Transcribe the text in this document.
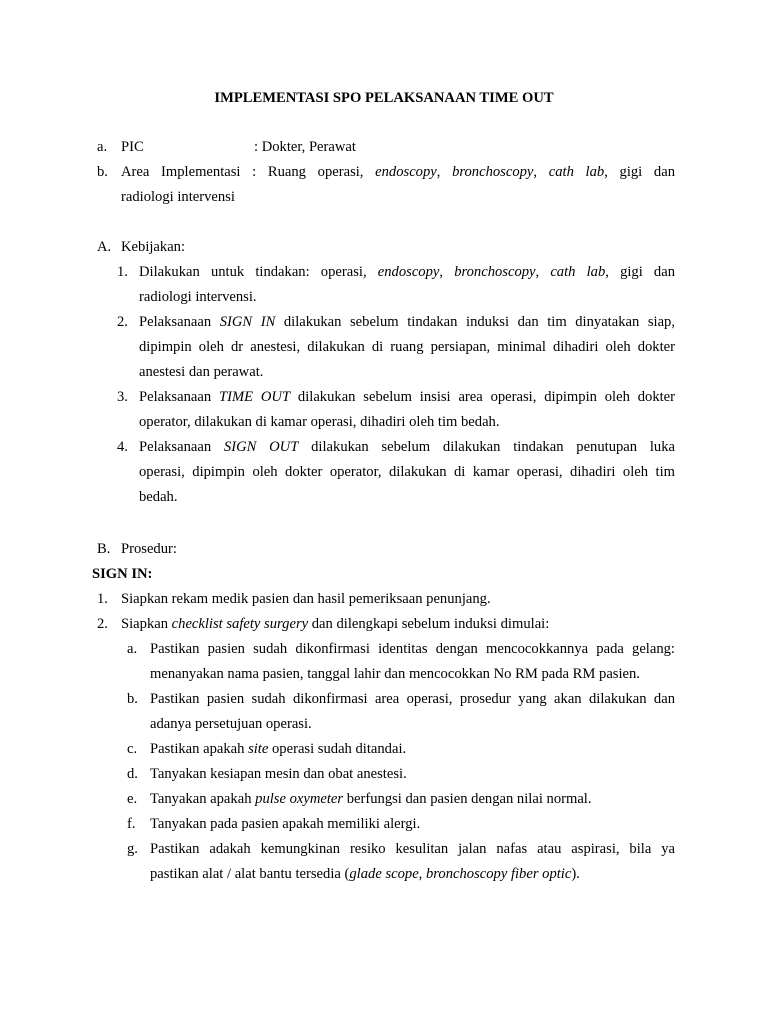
IMPLEMENTASI SPO PELAKSANAAN TIME OUT
a. PIC	: Dokter, Perawat
b. Area Implementasi : Ruang operasi, endoscopy, bronchoscopy, cath lab, gigi dan
radiologi intervensi
A. Kebijakan:
1. Dilakukan untuk tindakan: operasi, endoscopy, bronchoscopy, cath lab, gigi dan
radiologi intervensi.
2. Pelaksanaan SIGN IN dilakukan sebelum tindakan induksi dan tim dinyatakan siap,
dipimpin oleh dr anestesi, dilakukan di ruang persiapan, minimal dihadiri oleh dokter
anestesi dan perawat.
3. Pelaksanaan TIME OUT dilakukan sebelum insisi area operasi, dipimpin oleh dokter
operator, dilakukan di kamar operasi, dihadiri oleh tim bedah.
4. Pelaksanaan SIGN OUT dilakukan sebelum dilakukan tindakan penutupan luka
operasi, dipimpin oleh dokter operator, dilakukan di kamar operasi, dihadiri oleh tim
bedah.
B. Prosedur:
SIGN IN:
1. Siapkan rekam medik pasien dan hasil pemeriksaan penunjang.
2. Siapkan checklist safety surgery dan dilengkapi sebelum induksi dimulai:
a. Pastikan pasien sudah dikonfirmasi identitas dengan mencocokkannya pada gelang:
menanyakan nama pasien, tanggal lahir dan mencocokkan No RM pada RM pasien.
b. Pastikan pasien sudah dikonfirmasi area operasi, prosedur yang akan dilakukan dan
adanya persetujuan operasi.
c. Pastikan apakah site operasi sudah ditandai.
d. Tanyakan kesiapan mesin dan obat anestesi.
e. Tanyakan apakah pulse oxymeter berfungsi dan pasien dengan nilai normal.
f. Tanyakan pada pasien apakah memiliki alergi.
g. Pastikan adakah kemungkinan resiko kesulitan jalan nafas atau aspirasi, bila ya
pastikan alat / alat bantu tersedia (glade scope, bronchoscopy fiber optic).
